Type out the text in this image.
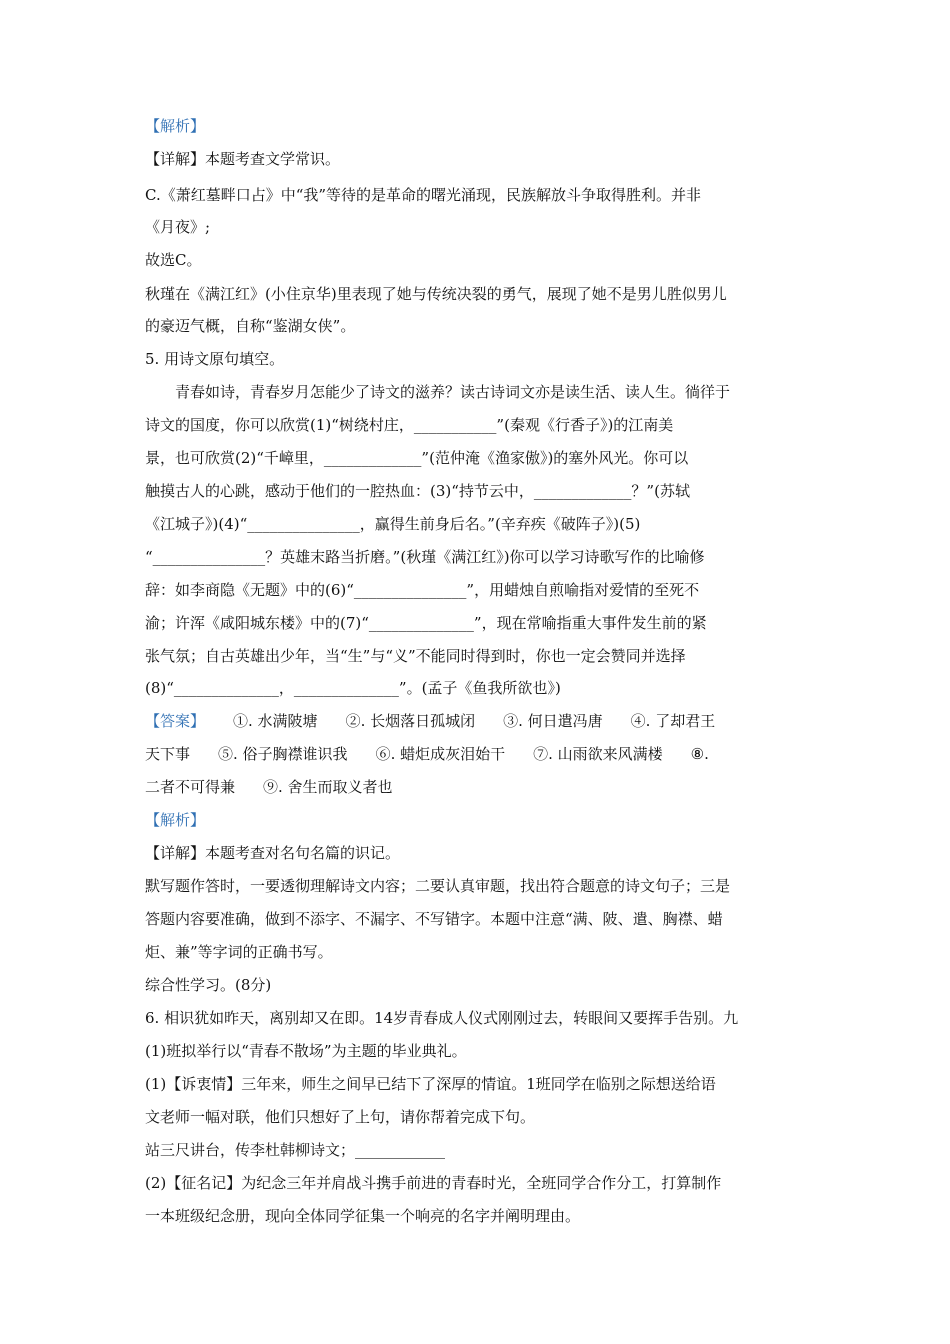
【解析】
【详解】本题考查文学常识。
C.《萧红墓畔口占》中“我”等待的是革命的曙光涌现，民族解放斗争取得胜利。并非
《月夜》;
故选C。
秋瑾在《满江红》(小住京华)里表现了她与传统决裂的勇气，展现了她不是男儿胜似男儿
的豪迈气概，自称“鉴湖女侠”。
5. 用诗文原句填空。
青春如诗，青春岁月怎能少了诗文的滋养？读古诗词文亦是读生活、读人生。徜徉于
诗文的国度，你可以欣赏(1)“树绕村庄，___________”(秦观《行香子》)的江南美
景，也可欣赏(2)“千嶂里，_____________”(范仲淹《渔家傲》)的塞外风光。你可以
触摸古人的心跳，感动于他们的一腔热血：(3)“持节云中，_____________？”(苏轼
《江城子》)(4)“_______________，赢得生前身后名。”(辛弃疾《破阵子》)(5)
“_______________？英雄末路当折磨。”(秋瑾《满江红》)你可以学习诗歌写作的比喻修
辞：如李商隐《无题》中的(6)“_______________”，用蜡烛自煎喻指对爱情的至死不
渝；许浑《咸阳城东楼》中的(7)“______________”，现在常喻指重大事件发生前的紧
张气氛；自古英雄出少年，当“生”与“义”不能同时得到时，你也一定会赞同并选择
(8)“______________，______________”。(孟子《鱼我所欲也》)
【答案】 ①. 水满陂塘 ②. 长烟落日孤城闭 ③. 何日遣冯唐 ④. 了却君王
天下事 ⑤. 俗子胸襟谁识我 ⑥. 蜡炬成灰泪始干 ⑦. 山雨欲来风满楼 ⑧.
二者不可得兼 ⑨. 舍生而取义者也
【解析】
【详解】本题考查对名句名篇的识记。
默写题作答时，一要透彻理解诗文内容；二要认真审题，找出符合题意的诗文句子；三是
答题内容要准确，做到不添字、不漏字、不写错字。本题中注意“满、陂、遣、胸襟、蜡
炬、兼”等字词的正确书写。
综合性学习。(8分)
6. 相识犹如昨天，离别却又在即。14岁青春成人仪式刚刚过去，转眼间又要挥手告别。九
(1)班拟举行以“青春不散场”为主题的毕业典礼。
(1)【诉衷情】三年来，师生之间早已结下了深厚的情谊。1班同学在临别之际想送给语
文老师一幅对联，他们只想好了上句，请你帮着完成下句。
站三尺讲台，传李杜韩柳诗文；____________
(2)【征名记】为纪念三年并肩战斗携手前进的青春时光，全班同学合作分工，打算制作
一本班级纪念册，现向全体同学征集一个响亮的名字并阐明理由。
